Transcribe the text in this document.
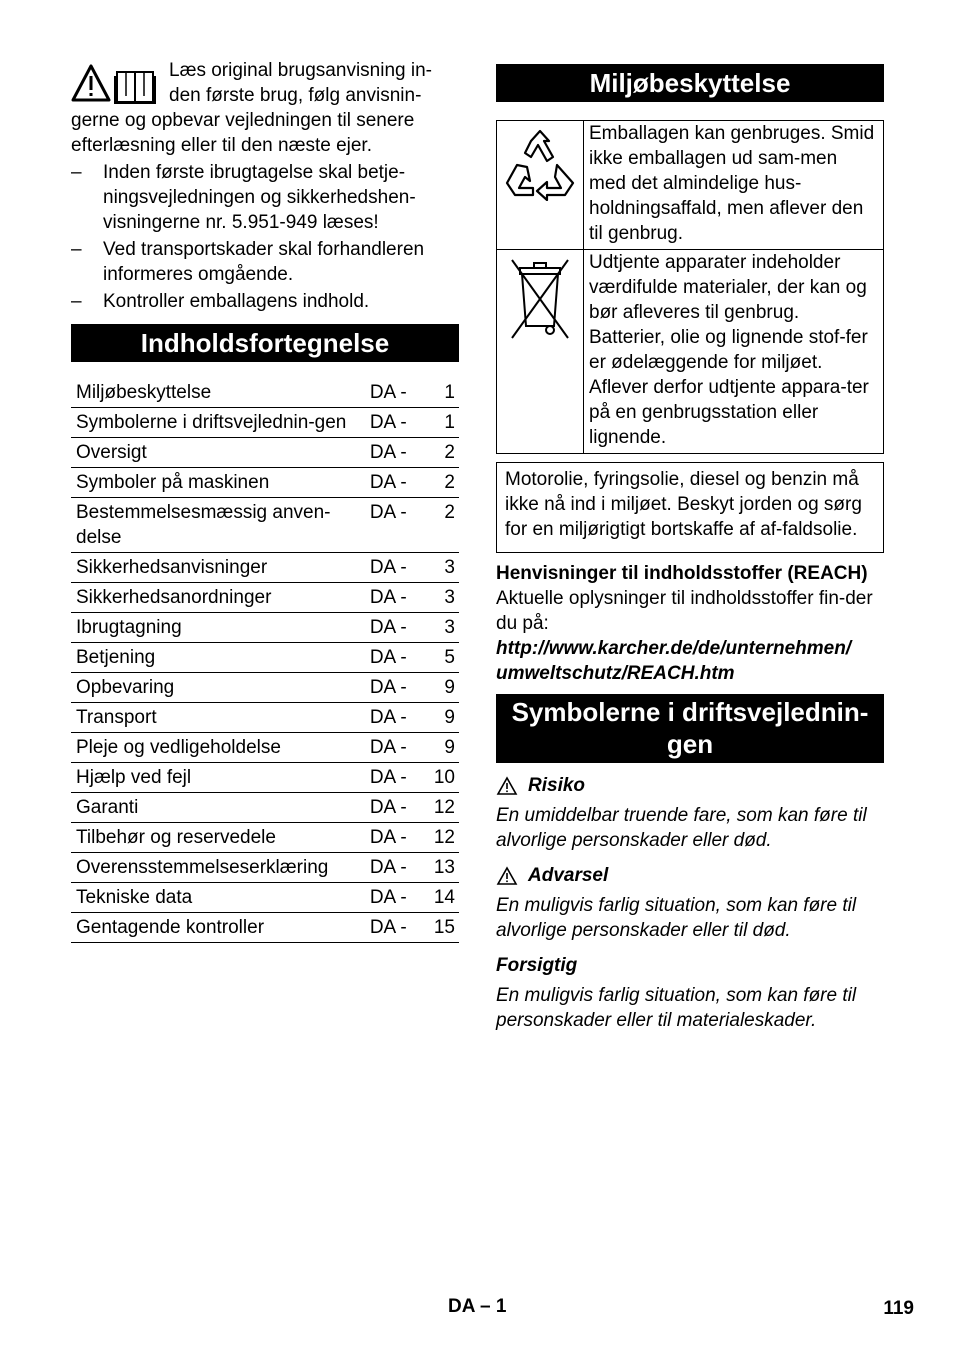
Læs original brugsanvisning in-den første brug, følg anvisnin-gerne og opbevar vejledningen til senere efterlæsning eller til den næste ejer.

– Inden første ibrugtagelse skal betje-ningsvejledningen og sikkerhedshen-visningerne nr. 5.951-949 læses!
– Ved transportskader skal forhandleren informeres omgående.
– Kontroller emballagens indhold.
Indholdsfortegnelse
Miljøbeskyttelse	DA -	1
Symbolerne i driftsvejlednin-gen	DA -	1
Oversigt	DA -	2
Symboler på maskinen	DA -	2
Bestemmelsesmæssig anven-delse	DA -	2
Sikkerhedsanvisninger	DA -	3
Sikkerhedsanordninger	DA -	3
Ibrugtagning	DA -	3
Betjening	DA -	5
Opbevaring	DA -	9
Transport	DA -	9
Pleje og vedligeholdelse	DA -	9
Hjælp ved fejl	DA -	10
Garanti	DA -	12
Tilbehør og reservedele	DA -	12
Overensstemmelseserklæring	DA -	13
Tekniske data	DA -	14
Gentagende kontroller	DA -	15
Miljøbeskyttelse
	Emballagen kan genbruges. Smid ikke emballagen ud sam-men med det almindelige hus-holdningsaffald, men aflever den til genbrug.
	Udtjente apparater indeholder værdifulde materialer, der kan og bør afleveres til genbrug. Batterier, olie og lignende stof-fer er ødelæggende for miljøet. Aflever derfor udtjente appara-ter på en genbrugsstation eller lignende.
Motorolie, fyringsolie, diesel og benzin må ikke nå ind i miljøet. Beskyt jorden og sørg for en miljørigtigt bortskaffe af af-faldsolie.
Henvisninger til indholdsstoffer (REACH)
Aktuelle oplysninger til indholdsstoffer fin-der du på:
http://www.karcher.de/de/unternehmen/
umweltschutz/REACH.htm
Symbolerne i driftsvejlednin-
gen
Risiko
En umiddelbar truende fare, som kan føre til alvorlige personskader eller død.
Advarsel
En muligvis farlig situation, som kan føre til alvorlige personskader eller til død.
Forsigtig
En muligvis farlig situation, som kan føre til personskader eller til materialeskader.
DA – 1	119
